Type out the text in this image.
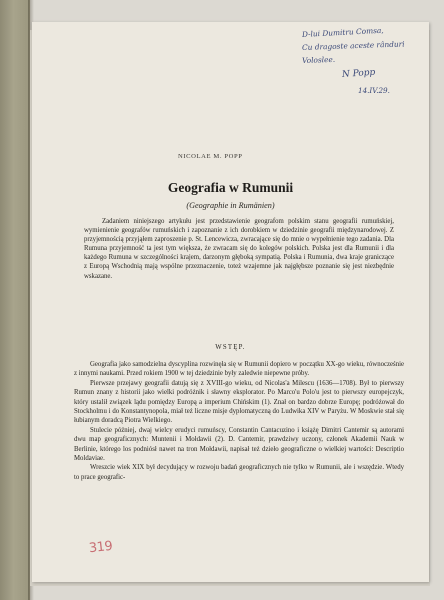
D-lui Dumitru Comsa,
Cu dragoste aceste rânduri
Voloslee.
N Popp
14.IV.29.
NICOLAE M. POPP
Geografia w Rumunii
(Geographie in Rumänien)
Zadaniem niniejszego artykułu jest przedstawienie geografom polskim stanu geografii rumuńskiej, wymienienie geografów rumuńskich i zapoznanie z ich dorobkiem w dziedzinie geografii międzynarodowej. Z przyjemnością przyjąłem zaproszenie p. St. Lencewicza, zwracające się do mnie o wypełnienie tego zadania. Dla Rumuna przyjemność ta jest tym większa, że zwracam się do kolegów polskich. Polska jest dla Rumunii i dla każdego Rumuna w szczególności krajem, darzonym głęboką sympatią. Polska i Rumunia, dwa kraje graniczące z Europą Wschodnią mają wspólne przeznaczenie, toteż wzajemne jak najgłębsze poznanie się jest niezbędnie wskazane.
WSTĘP.

Geografia jako samodzielna dyscyplina rozwinęła się w Rumunii dopiero w początku XX-go wieku, równocześnie z innymi naukami. Przed rokiem 1900 w tej dziedzinie były zaledwie niepewne próby.

Pierwsze przejawy geografii datują się z XVIII-go wieku, od Nicolas'a Milescu (1636—1708). Był to pierwszy Rumun znany z historii jako wielki podróżnik i sławny eksplorator. Po Marco'u Polo'u jest to pierwszy europejczyk, który ustalił związek lądu pomiędzy Europą a imperium Chińskim (1). Znał on bardzo dobrze Europę; podróżował do Stockholmu i do Konstantynopola, miał też liczne misje dyplomatyczną do Ludwika XIV w Paryżu. W Moskwie stał się łubianym doradcą Piotra Wielkiego.

Stulecie później, dwaj wielcy erudyci rumuńscy, Constantin Cantacuzino i książę Dimitri Cantemir są autorami dwu map geograficznych: Muntenii i Mołdawii (2). D. Cantemir, prawdziwy uczony, członek Akademii Nauk w Berlinie, którego los podniósł nawet na tron Mołdawii, napisał też dzieło geograficzne o wielkiej wartości: Descriptio Moldaviae.

Wreszcie wiek XIX był decydujący w rozwoju badań geograficznych nie tylko w Rumunii, ale i wszędzie. Wtedy to prace geografic-

319
